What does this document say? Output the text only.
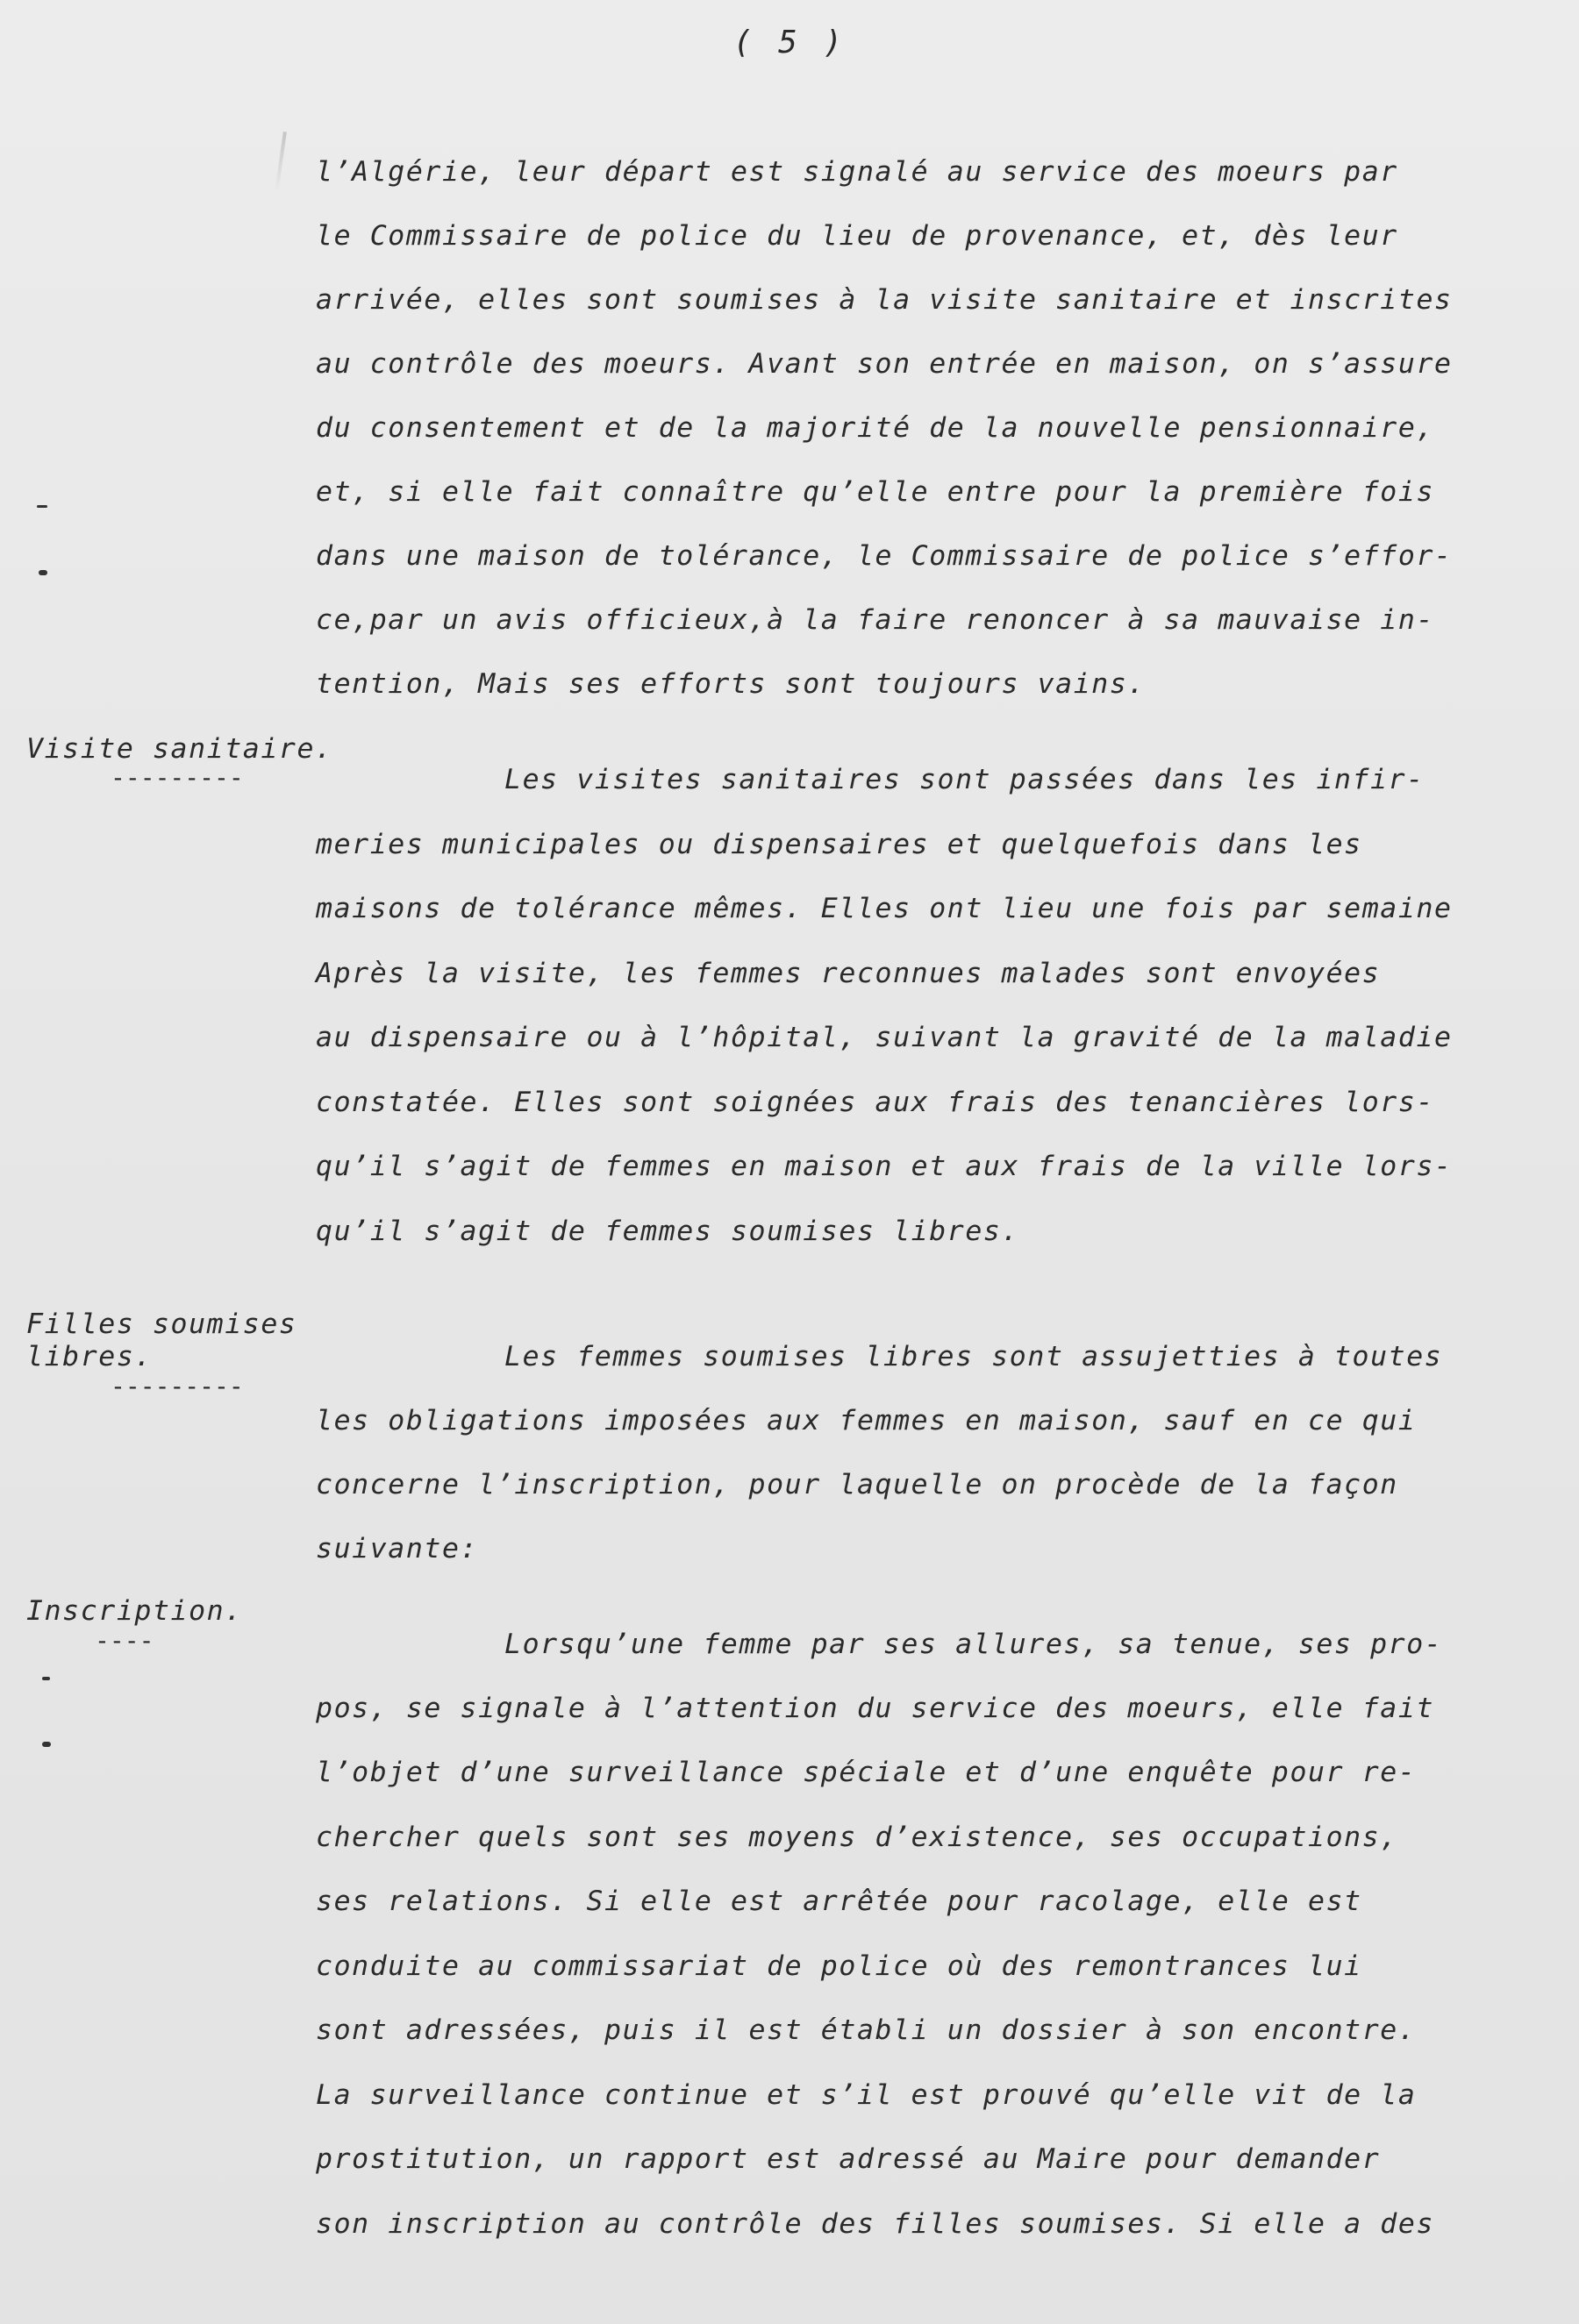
( 5 )
l’Algérie, leur départ est signalé au service des moeurs par
le Commissaire de police du lieu de provenance, et, dès leur
arrivée, elles sont soumises à la visite sanitaire et inscrites
au contrôle des moeurs. Avant son entrée en maison, on s’assure
du consentement et de la majorité de la nouvelle pensionnaire,
et, si elle fait connaître qu’elle entre pour la première fois
dans une maison de tolérance, le Commissaire de police s’effor-
ce,par un avis officieux,à la faire renoncer à sa mauvaise in-
tention, Mais ses efforts sont toujours vains.
Visite sanitaire.
---------	Les visites sanitaires sont passées dans les infir-
meries municipales ou dispensaires et quelquefois dans les
maisons de tolérance mêmes. Elles ont lieu une fois par semaine
Après la visite, les femmes reconnues malades sont envoyées
au dispensaire ou à l’hôpital, suivant la gravité de la maladie
constatée. Elles sont soignées aux frais des tenancières lors-
qu’il s’agit de femmes en maison et aux frais de la ville lors-
qu’il s’agit de femmes soumises libres.
Filles soumises
libres.
---------
Les femmes soumises libres sont assujetties à toutes
les obligations imposées aux femmes en maison, sauf en ce qui
concerne l’inscription, pour laquelle on procède de la façon
suivante:
Inscription.
----	Lorsqu’une femme par ses allures, sa tenue, ses pro-
pos, se signale à l’attention du service des moeurs, elle fait
l’objet d’une surveillance spéciale et d’une enquête pour re-
chercher quels sont ses moyens d’existence, ses occupations,
ses relations. Si elle est arrêtée pour racolage, elle est
conduite au commissariat de police où des remontrances lui
sont adressées, puis il est établi un dossier à son encontre.
La surveillance continue et s’il est prouvé qu’elle vit de la
prostitution, un rapport est adressé au Maire pour demander
son inscription au contrôle des filles soumises. Si elle a des
